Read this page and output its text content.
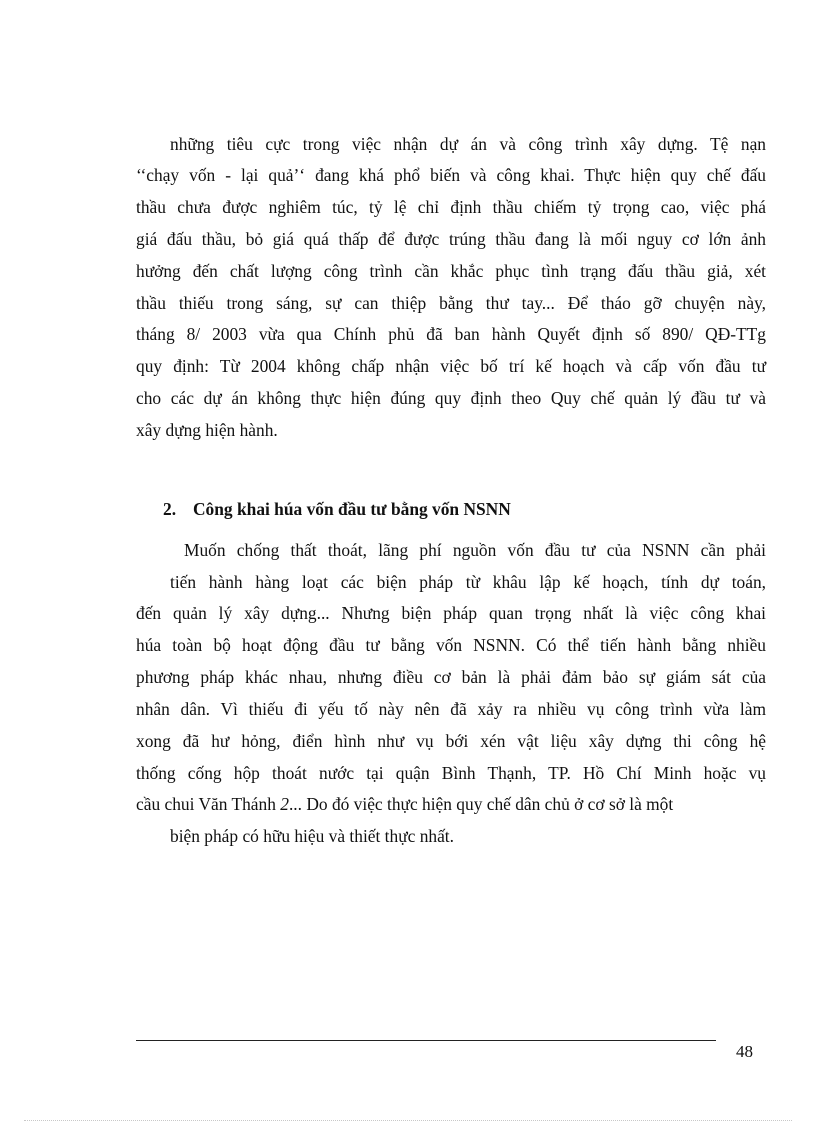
những tiêu cực trong việc nhận dự án và công trình xây dựng. Tệ nạn
‘‘chạy vốn - lại quả’‘ đang khá phổ biến và công khai. Thực hiện quy chế đấu
thầu chưa được nghiêm túc, tỷ lệ chỉ định thầu chiếm tỷ trọng cao, việc phá
giá đấu thầu, bỏ giá quá thấp để được trúng thầu đang là mối nguy cơ lớn ảnh
hưởng đến chất lượng công trình cần khắc phục tình trạng đấu thầu giả, xét
thầu thiếu trong sáng, sự can thiệp bằng thư tay... Để tháo gỡ chuyện này,
tháng 8/ 2003 vừa qua Chính phủ đã ban hành Quyết định số 890/ QĐ-TTg
quy định: Từ 2004 không chấp nhận việc bố trí kế hoạch và cấp vốn đầu tư
cho các dự án không thực hiện đúng quy định theo Quy chế quản lý đầu tư và
xây dựng hiện hành.
2. Công khai húa vốn đầu tư bằng vốn NSNN
Muốn chống thất thoát, lãng phí nguồn vốn đầu tư của NSNN cần phải
tiến hành hàng loạt các biện pháp từ khâu lập kế hoạch, tính dự toán,
đến quản lý xây dựng... Nhưng biện pháp quan trọng nhất là việc công khai
húa toàn bộ hoạt động đầu tư bằng vốn NSNN. Có thể tiến hành bằng nhiều
phương pháp khác nhau, nhưng điều cơ bản là phải đảm bảo sự giám sát của
nhân dân. Vì thiếu đi yếu tố này nên đã xảy ra nhiều vụ công trình vừa làm
xong đã hư hỏng, điển hình như vụ bới xén vật liệu xây dựng thi công hệ
thống cống hộp thoát nước tại quận Bình Thạnh, TP. Hồ Chí Minh hoặc vụ
cầu chui Văn Thánh 2... Do đó việc thực hiện quy chế dân chủ ở cơ sở là một
biện pháp có hữu hiệu và thiết thực nhất.
48
